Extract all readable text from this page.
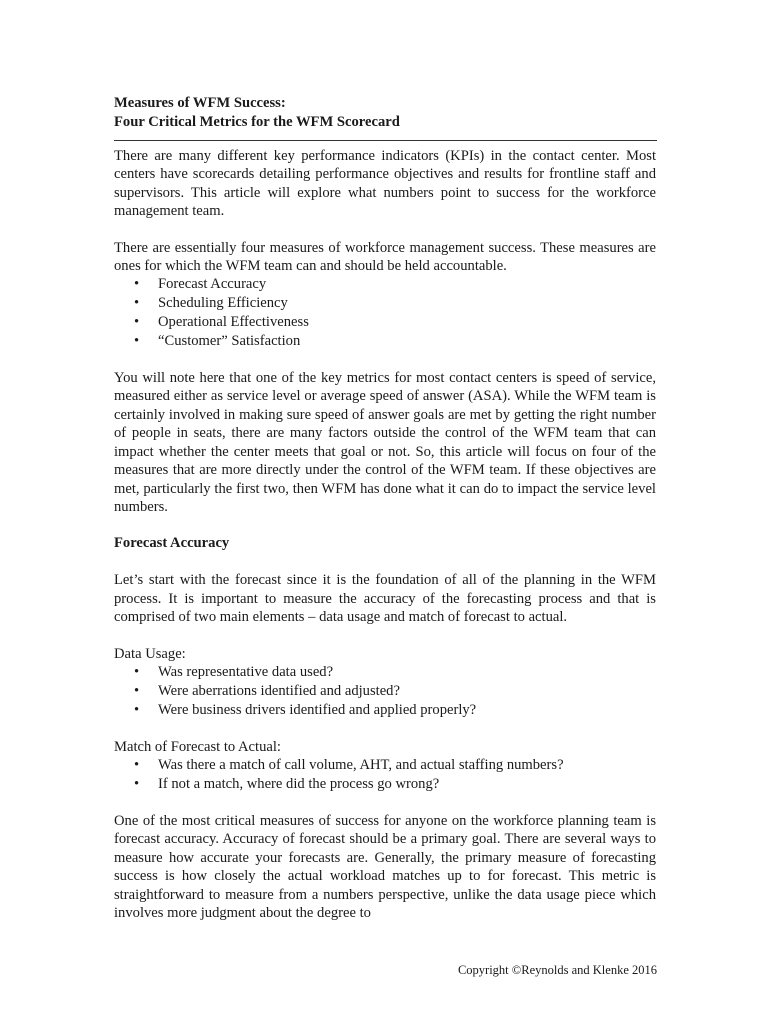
Measures of WFM Success:
Four Critical Metrics for the WFM Scorecard

There are many different key performance indicators (KPIs) in the contact center. Most centers have scorecards detailing performance objectives and results for frontline staff and supervisors. This article will explore what numbers point to success for the workforce management team.

There are essentially four measures of workforce management success. These measures are ones for which the WFM team can and should be held accountable.

• Forecast Accuracy
• Scheduling Efficiency
• Operational Effectiveness
• “Customer” Satisfaction

You will note here that one of the key metrics for most contact centers is speed of service, measured either as service level or average speed of answer (ASA). While the WFM team is certainly involved in making sure speed of answer goals are met by getting the right number of people in seats, there are many factors outside the control of the WFM team that can impact whether the center meets that goal or not. So, this article will focus on four of the measures that are more directly under the control of the WFM team. If these objectives are met, particularly the first two, then WFM has done what it can do to impact the service level numbers.

Forecast Accuracy

Let’s start with the forecast since it is the foundation of all of the planning in the WFM process. It is important to measure the accuracy of the forecasting process and that is comprised of two main elements – data usage and match of forecast to actual.

Data Usage:

• Was representative data used?
• Were aberrations identified and adjusted?
• Were business drivers identified and applied properly?

Match of Forecast to Actual:

• Was there a match of call volume, AHT, and actual staffing numbers?
• If not a match, where did the process go wrong?

One of the most critical measures of success for anyone on the workforce planning team is forecast accuracy. Accuracy of forecast should be a primary goal. There are several ways to measure how accurate your forecasts are. Generally, the primary measure of forecasting success is how closely the actual workload matches up to for forecast. This metric is straightforward to measure from a numbers perspective, unlike the data usage piece which involves more judgment about the degree to

Copyright ©Reynolds and Klenke 2016
